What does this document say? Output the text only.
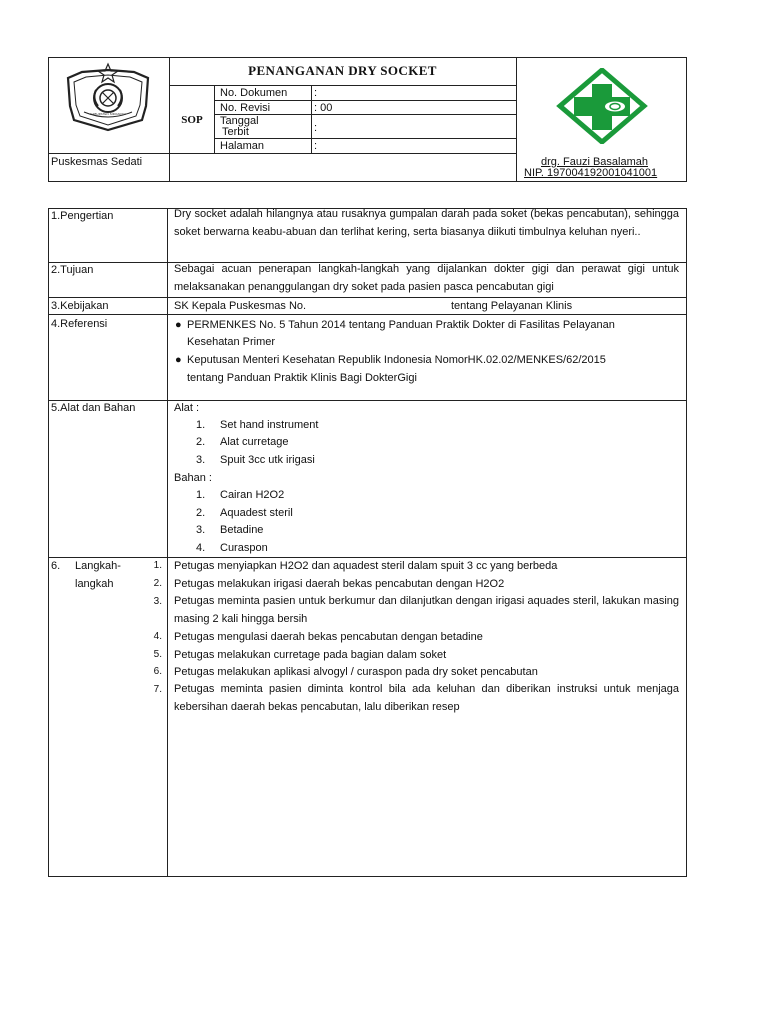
KABUPATEN SIDOARJO
PENANGANAN DRY SOCKET
SOP
No. Dokumen :
No. Revisi	: 00
Tanggal
Terbit	:
Halaman	:
Puskesmas Sedati	drg. Fauzi Basalamah
NIP. 197004192001041001
1.Pengertian	Dry socket adalah hilangnya atau rusaknya gumpalan darah pada soket (bekas pencabutan), sehingga soket berwarna keabu-abuan dan terlihat kering, serta biasanya diikuti timbulnya keluhan nyeri..
2.Tujuan	Sebagai acuan penerapan langkah-langkah yang dijalankan dokter gigi dan perawat gigi untuk melaksanakan penanggulangan dry soket pada pasien pasca pencabutan gigi
3.Kebijakan	SK Kepala Puskesmas No.	tentang Pelayanan Klinis
4.Referensi	● PERMENKES No. 5 Tahun 2014 tentang Panduan Praktik Dokter di Fasilitas Pelayanan
Kesehatan Primer
● Keputusan Menteri Kesehatan Republik Indonesia NomorHK.02.02/MENKES/62/2015
tentang Panduan Praktik Klinis Bagi DokterGigi
5.Alat dan Bahan	Alat :
1. Set hand instrument
2. Alat curretage
3. Spuit 3cc utk irigasi
Bahan :
1. Cairan H2O2
2. Aquadest steril
3. Betadine
4. Curaspon
6. Langkah-
langkah
1. Petugas menyiapkan H2O2 dan aquadest steril dalam spuit 3 cc yang berbeda
2. Petugas melakukan irigasi daerah bekas pencabutan dengan H2O2
3. Petugas meminta pasien untuk berkumur dan dilanjutkan dengan irigasi aquades steril, lakukan masing masing 2 kali hingga bersih
4. Petugas mengulasi daerah bekas pencabutan dengan betadine
5. Petugas melakukan curretage pada bagian dalam soket
6. Petugas melakukan aplikasi alvogyl / curaspon pada dry soket pencabutan
7. Petugas meminta pasien diminta kontrol bila ada keluhan dan diberikan instruksi untuk menjaga kebersihan daerah bekas pencabutan, lalu diberikan resep
